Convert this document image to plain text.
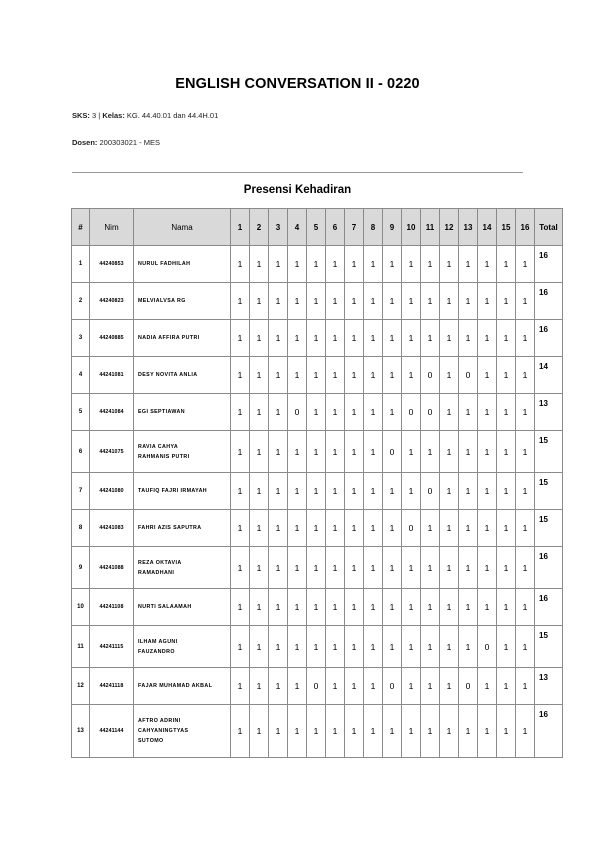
ENGLISH CONVERSATION II - 0220
SKS: 3 | Kelas: KG. 44.40.01 dan 44.4H.01
Dosen: 200303021 - MES
Presensi Kehadiran
#	Nim	Nama	1	2	3	4	5	6	7	8	9	10	11	12	13	14	15	16	Total
1	44240853	NURUL FADHILAH	1	1	1	1	1	1	1	1	1	1	1	1	1	1	1	1	16
2	44240823	MELVIALVSA RG	1	1	1	1	1	1	1	1	1	1	1	1	1	1	1	1	16
3	44240885	NADIA AFFIRA PUTRI	1	1	1	1	1	1	1	1	1	1	1	1	1	1	1	1	16
4	44241081	DESY NOVITA ANLIA	1	1	1	1	1	1	1	1	1	1	0	1	0	1	1	1	14
5	44241084	EGI SEPTIAWAN	1	1	1	0	1	1	1	1	1	0	0	1	1	1	1	1	13
6	44241075	RAVIA CAHYA
RAHMANIS PUTRI	1	1	1	1	1	1	1	1	0	1	1	1	1	1	1	1	15
7	44241080	TAUFIQ FAJRI IRMAYAH	1	1	1	1	1	1	1	1	1	1	0	1	1	1	1	1	15
8	44241083	FAHRI AZIS SAPUTRA	1	1	1	1	1	1	1	1	1	0	1	1	1	1	1	1	15
9	44241088	REZA OKTAVIA
RAMADHANI	1	1	1	1	1	1	1	1	1	1	1	1	1	1	1	1	16
10	44241108	NURTI SALAAMAH	1	1	1	1	1	1	1	1	1	1	1	1	1	1	1	1	16
11	44241115	ILHAM AGUNI
FAUZANDRO	1	1	1	1	1	1	1	1	1	1	1	1	1	0	1	1	15
12	44241118	FAJAR MUHAMAD AKBAL	1	1	1	1	0	1	1	1	0	1	1	1	0	1	1	1	13
13	44241144	AFTRO ADRINI
CAHYANINGTYAS
SUTOMO	1	1	1	1	1	1	1	1	1	1	1	1	1	1	1	1	16
